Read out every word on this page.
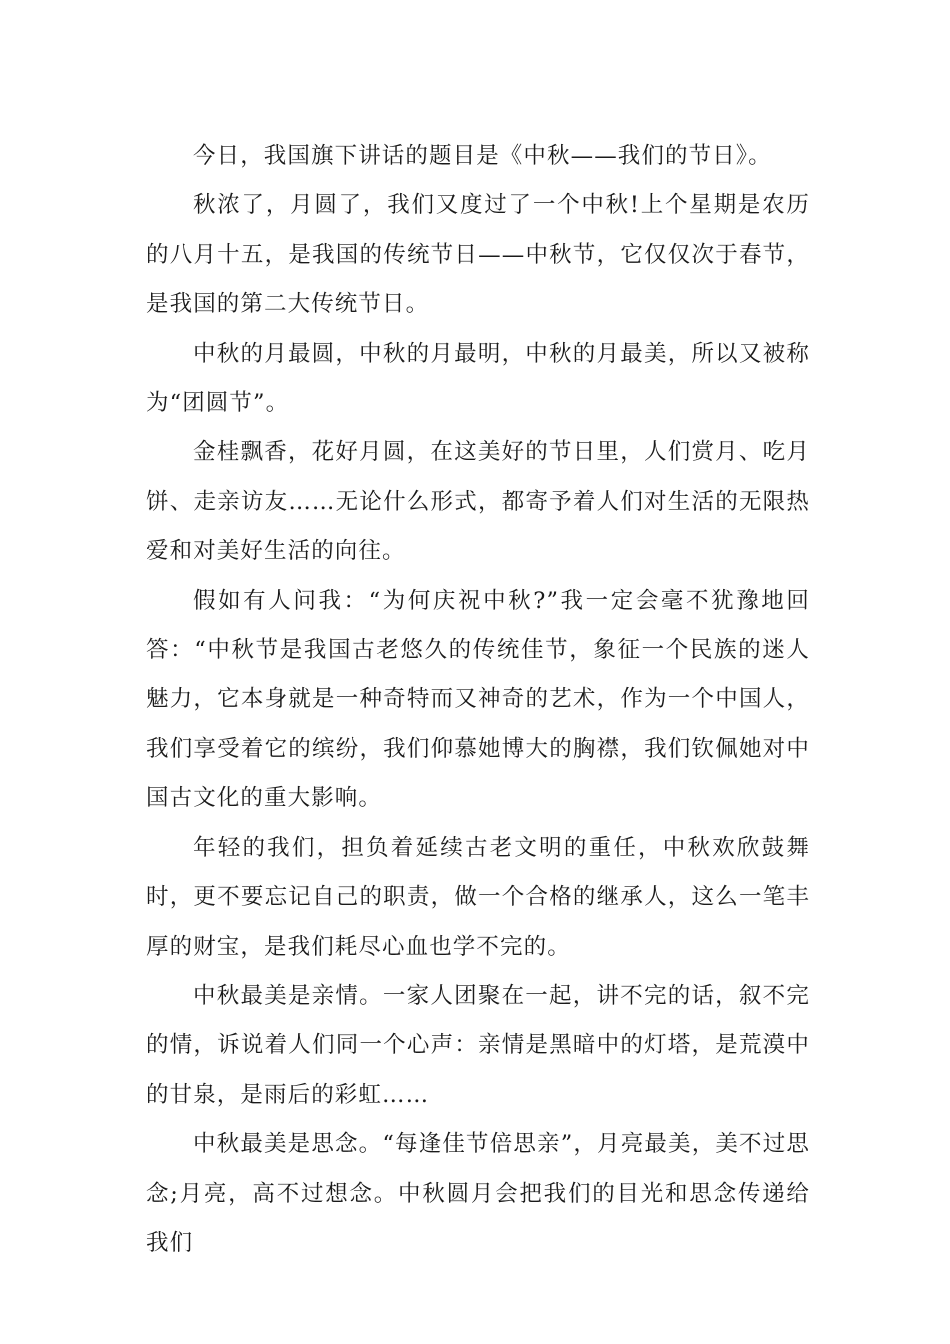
今日，我国旗下讲话的题目是《中秋——我们的节日》。

秋浓了，月圆了，我们又度过了一个中秋!上个星期是农历的八月十五，是我国的传统节日——中秋节，它仅仅次于春节，是我国的第二大传统节日。

中秋的月最圆，中秋的月最明，中秋的月最美，所以又被称为“团圆节”。

金桂飘香，花好月圆，在这美好的节日里，人们赏月、吃月饼、走亲访友……无论什么形式，都寄予着人们对生活的无限热爱和对美好生活的向往。

假如有人问我：“为何庆祝中秋?”我一定会毫不犹豫地回答：“中秋节是我国古老悠久的传统佳节，象征一个民族的迷人魅力，它本身就是一种奇特而又神奇的艺术，作为一个中国人，我们享受着它的缤纷，我们仰慕她博大的胸襟，我们钦佩她对中国古文化的重大影响。

年轻的我们，担负着延续古老文明的重任，中秋欢欣鼓舞时，更不要忘记自己的职责，做一个合格的继承人，这么一笔丰厚的财宝，是我们耗尽心血也学不完的。

中秋最美是亲情。一家人团聚在一起，讲不完的话，叙不完的情，诉说着人们同一个心声：亲情是黑暗中的灯塔，是荒漠中的甘泉，是雨后的彩虹……

中秋最美是思念。“每逢佳节倍思亲”，月亮最美，美不过思念;月亮，高不过想念。中秋圆月会把我们的目光和思念传递给我们
